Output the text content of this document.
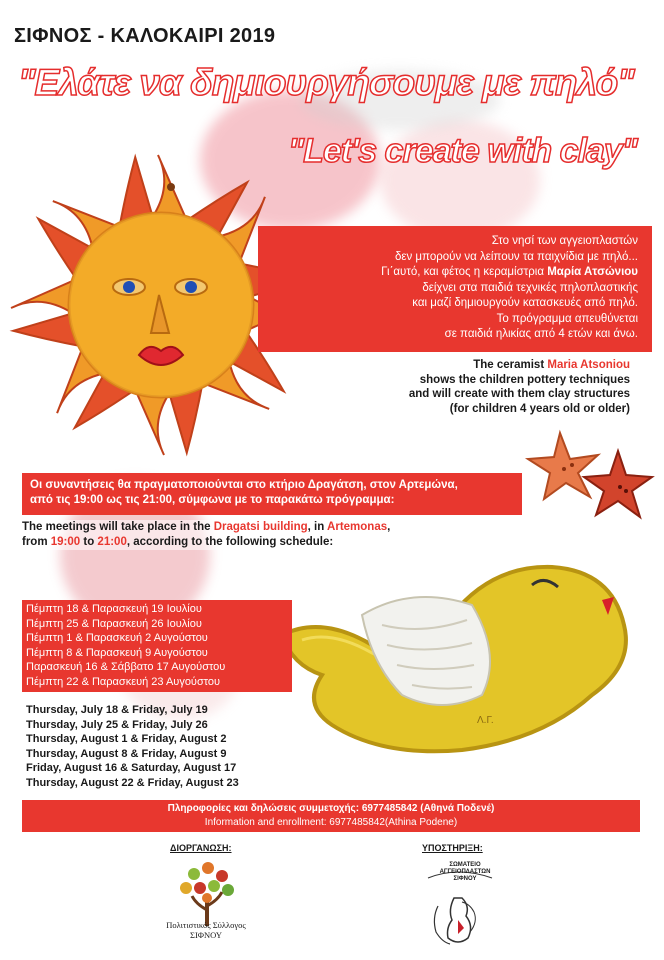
ΣΙΦΝΟΣ - ΚΑΛΟΚΑΙΡΙ 2019
"Ελάτε να δημιουργήσουμε με πηλό"
"Let's create with clay"
Στο νησί των αγγειοπλαστών
δεν μπορούν να λείπουν τα παιχνίδια με πηλό...
Γι΄αυτό, και φέτος η κεραμίστρια Μαρία Ατσώνιου
δείχνει στα παιδιά τεχνικές πηλοπλαστικής
και μαζί δημιουργούν κατασκευές από πηλό.
Το πρόγραμμα απευθύνεται
σε παιδιά ηλικίας από 4 ετών και άνω.
The ceramist Maria Atsoniou
shows the children pottery techniques
and will create with them clay structures
(for children 4 years old or older)
Οι συναντήσεις θα πραγματοποιούνται στο κτήριο Δραγάτση, στον Αρτεμώνα,
από τις 19:00 ως τις 21:00, σύμφωνα με το παρακάτω πρόγραμμα:
The meetings will take place in the Dragatsi building, in Artemonas,
from 19:00 to 21:00, according to the following schedule:
Λ.Γ.
Πέμπτη 18 & Παρασκευή 19 Ιουλίου
Πέμπτη 25 & Παρασκευή 26 Ιουλίου
Πέμπτη 1 & Παρασκευή 2 Αυγούστου
Πέμπτη 8 & Παρασκευή 9 Αυγούστου
Παρασκευή 16 & Σάββατο 17 Αυγούστου
Πέμπτη 22 & Παρασκευή 23 Αυγούστου
Thursday, July 18 & Friday, July 19
Thursday, July 25 & Friday, July 26
Thursday, August 1 & Friday, August 2
Thursday, August 8 & Friday, August 9
Friday, August 16 & Saturday, August 17
Thursday, August 22 & Friday, August 23
Πληροφορίες και δηλώσεις συμμετοχής: 6977485842 (Αθηνά Ποδενέ)
Information and enrollment: 6977485842(Athina Podene)
ΔΙΟΡΓΑΝΩΣΗ:	ΥΠΟΣΤΗΡΙΞΗ:
Πολιτιστικός Σύλλογος
ΣΙΦΝΟΥ
ΣΩΜΑΤΕΙΟ
ΑΓΓΕΙΟΠΛΑΣΤΩΝ
ΣΙΦΝΟΥ
